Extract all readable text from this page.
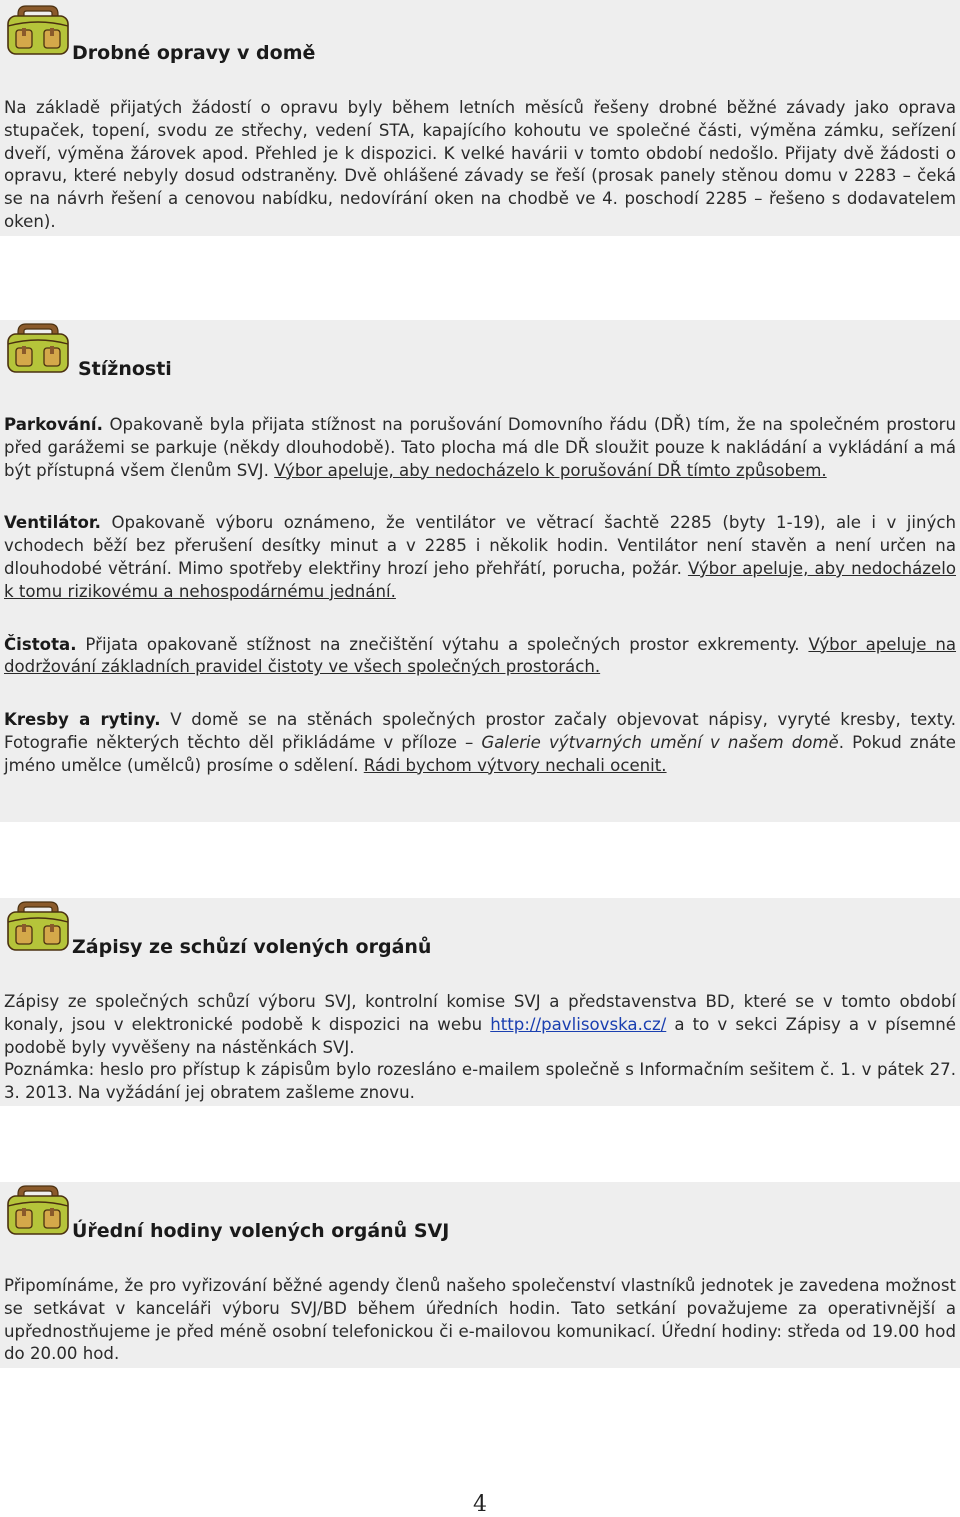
Drobné opravy v domě

Na základě přijatých žádostí o opravu byly během letních měsíců řešeny drobné běžné závady jako oprava stupaček, topení, svodu ze střechy, vedení STA, kapajícího kohoutu ve společné části, výměna zámku, seřízení dveří, výměna žárovek apod. Přehled je k dispozici. K velké havárii v tomto období nedošlo. Přijaty dvě žádosti o opravu, které nebyly dosud odstraněny. Dvě ohlášené závady se řeší (prosak panely stěnou domu v 2283 – čeká se na návrh řešení a cenovou nabídku, nedovírání oken na chodbě ve 4. poschodí 2285 – řešeno s dodavatelem oken).

Stížnosti

Parkování. Opakovaně byla přijata stížnost na porušování Domovního řádu (DŘ) tím, že na společném prostoru před garážemi se parkuje (někdy dlouhodobě). Tato plocha má dle DŘ sloužit pouze k nakládání a vykládání a má být přístupná všem členům SVJ. Výbor apeluje, aby nedocházelo k porušování DŘ tímto způsobem.

Ventilátor. Opakovaně výboru oznámeno, že ventilátor ve větrací šachtě 2285 (byty 1-19), ale i v jiných vchodech běží bez přerušení desítky minut a v 2285 i několik hodin. Ventilátor není stavěn a není určen na dlouhodobé větrání. Mimo spotřeby elektřiny hrozí jeho přehřátí, porucha, požár. Výbor apeluje, aby nedocházelo k tomu rizikovému a nehospodárnému jednání.

Čistota. Přijata opakovaně stížnost na znečištění výtahu a společných prostor exkrementy. Výbor apeluje na dodržování základních pravidel čistoty ve všech společných prostorách.

Kresby a rytiny. V domě se na stěnách společných prostor začaly objevovat nápisy, vyryté kresby, texty. Fotografie některých těchto děl přikládáme v příloze – Galerie výtvarných umění v našem domě. Pokud znáte jméno umělce (umělců) prosíme o sdělení. Rádi bychom výtvory nechali ocenit.

Zápisy ze schůzí volených orgánů

Zápisy ze společných schůzí výboru SVJ, kontrolní komise SVJ a představenstva BD, které se v tomto období konaly, jsou v elektronické podobě k dispozici na webu http://pavlisovska.cz/ a to v sekci Zápisy a v písemné podobě byly vyvěšeny na nástěnkách SVJ.

Poznámka: heslo pro přístup k zápisům bylo rozesláno e-mailem společně s Informačním sešitem č. 1. v pátek 27. 3. 2013. Na vyžádání jej obratem zašleme znovu.

Úřední hodiny volených orgánů SVJ

Připomínáme, že pro vyřizování běžné agendy členů našeho společenství vlastníků jednotek je zavedena možnost se setkávat v kanceláři výboru SVJ/BD během úředních hodin. Tato setkání považujeme za operativnější a upřednostňujeme je před méně osobní telefonickou či e-mailovou komunikací. Úřední hodiny: středa od 19.00 hod do 20.00 hod.

4
